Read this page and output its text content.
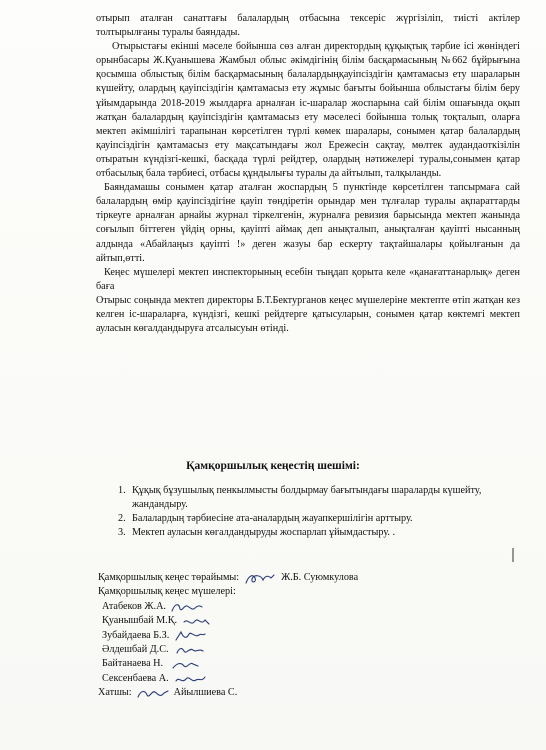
отырып аталған санаттағы балалардың отбасына тексеріс жүргізіліп, тиісті актілер толтырылғаны туралы баяндады.

Отырыстағы екінші мәселе бойынша сөз алған директордың құқықтық тәрбие ісі жөніндегі орынбасары Ж.Қуанышева Жамбыл облыс әкімдігінің білім басқармасының №662 бұйрығына қосымша облыстық білім басқармасының балалардыңқауіпсіздігін қамтамасыз ету шараларын күшейту, олардың қауіпсіздігін қамтамасыз ету жұмыс бағыты бойынша облыстағы білім беру ұйымдарында 2018-2019 жылдарға арналған іс-шаралар жоспарына сай білім ошағында оқып жатқан балалардың қауіпсіздігін қамтамасыз ету мәселесі бойынша толық тоқталып, оларға мектеп әкімшілігі тарапынан көрсетілген түрлі көмек шаралары, сонымен қатар балалардың қауіпсіздігін қамтамасыз ету мақсатындағы жол Ережесін сақтау, мөлтек аудандаоткізілін отыратын күндізгі-кешкі, басқада түрлі рейдтер, олардың нәтижелері туралы,сонымен қатар отбасылық бала тәрбиесі, отбасы құндылығы туралы да айтылып, талқыланды.

Баяндамашы сонымен қатар аталған жоспардың 5 пунктінде көрсетілген тапсырмаға сай балалардың өмір қауіпсіздігіне қауіп төндіретін орындар мен тұлғалар туралы ақпараттарды тіркеуге арналған арнайы журнал тіркелгенін, журналға ревизия барысында мектеп жанында соғылып біттеген үйдің орны, қауіпті аймақ деп анықталып, анықталған қауіпті нысанның алдында «Абайлаңыз қауіпті !» деген жазуы бар ескерту тақтайшалары қойылғанын да айтып,өтті.

Кеңес мүшелері мектеп инспекторының есебін тыңдап қорыта келе «қанағаттанарлық» деген баға

Отырыс соңында мектеп директоры Б.Т.Бектурганов кеңес мүшелеріне мектепте өтіп жатқан кез келген іс-шараларға, күндізгі, кешкі рейдтерге қатысуларын, сонымен қатар көктемгі мектеп ауласын көгалдандыруға атсалысуын өтінді.

Қамқоршылық кеңестің шешімі:
1. Құқық бұзушылық пенкылмысты болдырмау бағытындағы шараларды күшейту, жандандыру.
2. Балалардың тәрбиесіне ата-аналардың жауапкершілігін арттыру.
3. Мектеп ауласын көгалдандыруды жоспарлап ұйымдастыру. .
Қамқоршылық кеңес төрайымы:	Ж.Б. Суюмкулова
Қамқоршылық кеңес мүшелері:
Атабеков Ж.А.
Қуанышбай М.Қ.
Зубайдаева Б.З.
Әлдешбай Д.С.
Байтанаева Н.
Сексенбаева А.
Хатшы:	Айылшиева С.
